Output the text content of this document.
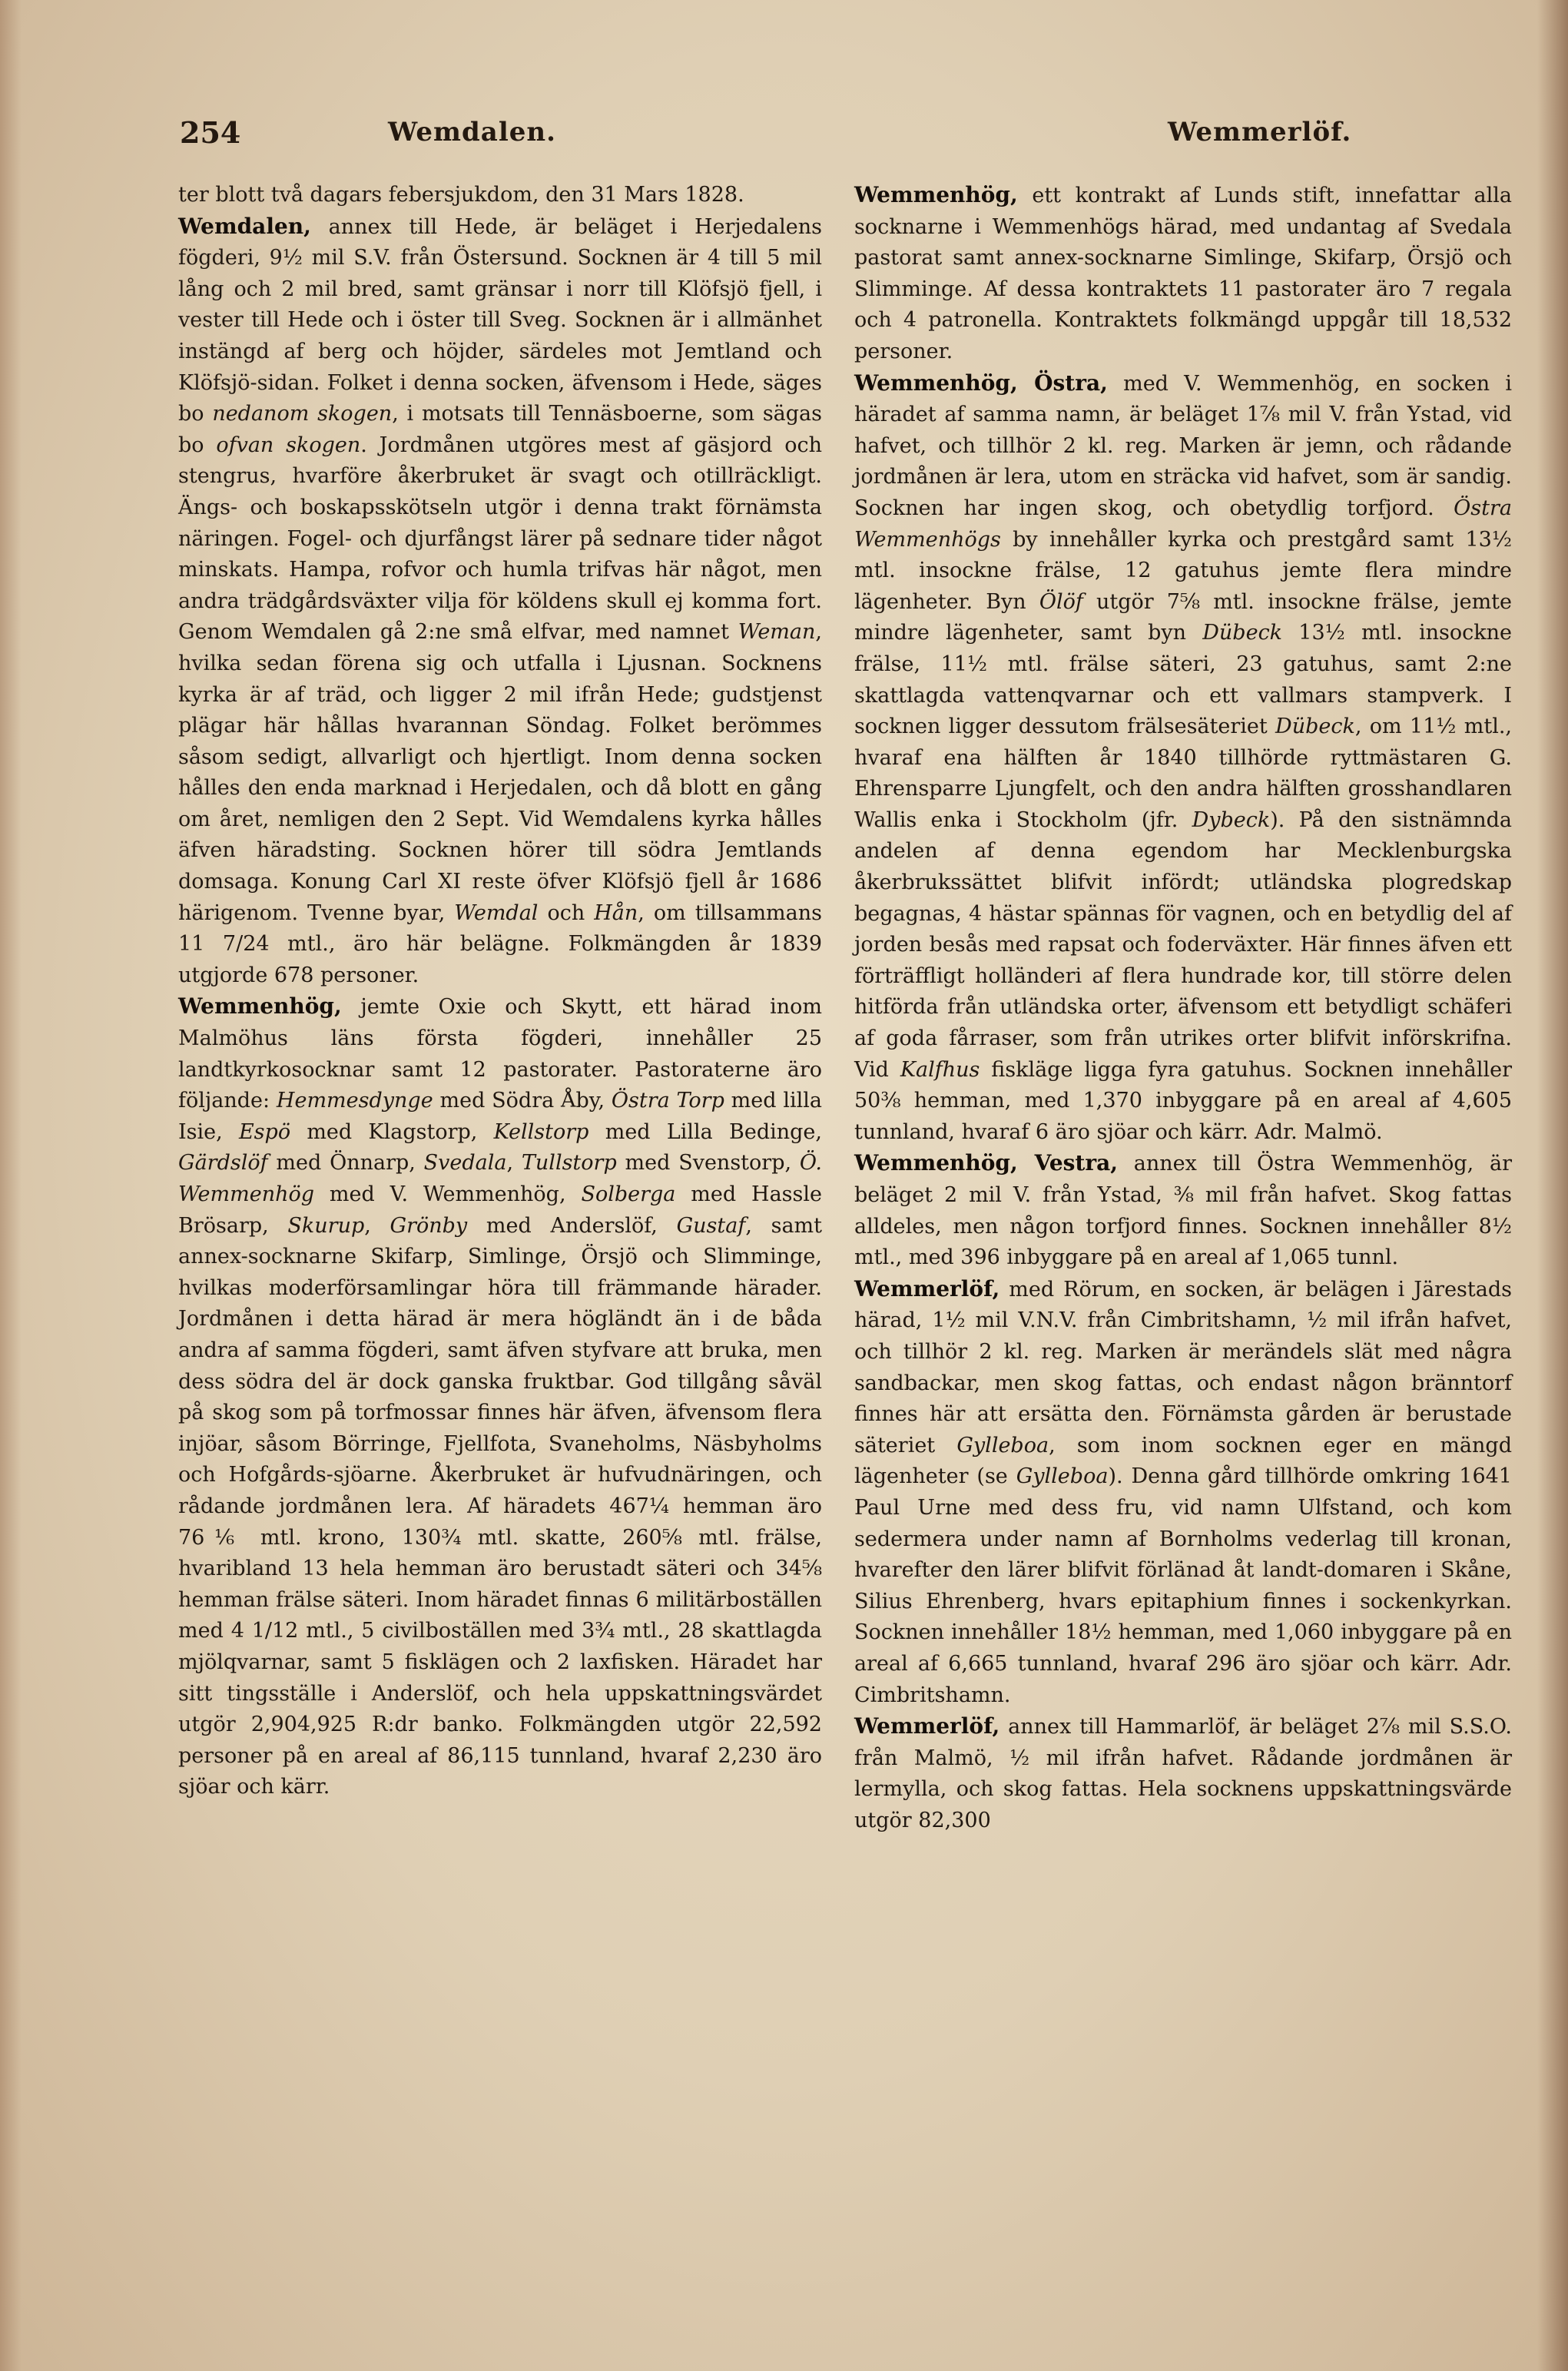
254	Wemdalen.	Wemmerlöf.

ter blott två dagars febersjukdom, den 31 Mars 1828.

Wemdalen, annex till Hede, är beläget i Herjedalens fögderi, 9½ mil S.V. från Östersund. Socknen är 4 till 5 mil lång och 2 mil bred, samt gränsar i norr till Klöfsjö fjell, i vester till Hede och i öster till Sveg. Socknen är i allmänhet instängd af berg och höjder, särdeles mot Jemtland och Klöfsjö-sidan. Folket i denna socken, äfvensom i Hede, säges bo nedanom skogen, i motsats till Tennäsboerne, som sägas bo ofvan skogen. Jordmånen utgöres mest af gäsjord och stengrus, hvarföre åkerbruket är svagt och otillräckligt. Ängs- och boskapsskötseln utgör i denna trakt förnämsta näringen. Fogel- och djurfångst lärer på sednare tider något minskats. Hampa, rofvor och humla trifvas här något, men andra trädgårdsväxter vilja för köldens skull ej komma fort. Genom Wemdalen gå 2:ne små elfvar, med namnet Weman, hvilka sedan förena sig och utfalla i Ljusnan. Socknens kyrka är af träd, och ligger 2 mil ifrån Hede; gudstjenst plägar här hållas hvarannan Söndag. Folket berömmes såsom sedigt, allvarligt och hjertligt. Inom denna socken hålles den enda marknad i Herjedalen, och då blott en gång om året, nemligen den 2 Sept. Vid Wemdalens kyrka hålles äfven häradsting. Socknen hörer till södra Jemtlands domsaga. Konung Carl XI reste öfver Klöfsjö fjell år 1686 härigenom. Tvenne byar, Wemdal och Hån, om tillsammans 11 7/24 mtl., äro här belägne. Folkmängden år 1839 utgjorde 678 personer.

Wemmenhög, jemte Oxie och Skytt, ett härad inom Malmöhus läns första fögderi, innehåller 25 landtkyrkosocknar samt 12 pastorater. Pastoraterne äro följande: Hemmesdynge med Södra Åby, Östra Torp med lilla Isie, Espö med Klagstorp, Kellstorp med Lilla Bedinge, Gärdslöf med Önnarp, Svedala, Tullstorp med Svenstorp, Ö. Wemmenhög med V. Wemmenhög, Solberga med Hassle Brösarp, Skurup, Grönby med Anderslöf, Gustaf, samt annex-socknarne Skifarp, Simlinge, Örsjö och Slimminge, hvilkas moderförsamlingar höra till främmande härader. Jordmånen i detta härad är mera högländt än i de båda andra af samma fögderi, samt äfven styfvare att bruka, men dess södra del är dock ganska fruktbar. God tillgång såväl på skog som på torfmossar finnes här äfven, äfvensom flera injöar, såsom Börringe, Fjellfota, Svaneholms, Näsbyholms och Hofgårds-sjöarne. Åkerbruket är hufvudnäringen, och rådande jordmånen lera. Af häradets 467¼ hemman äro 76⅙ mtl. krono, 130¾ mtl. skatte, 260⅝ mtl. frälse, hvaribland 13 hela hemman äro berustadt säteri och 34⅝ hemman frälse säteri. Inom häradet finnas 6 militärboställen med 4 1/12 mtl., 5 civilboställen med 3¾ mtl., 28 skattlagda mjölqvarnar, samt 5 fisklägen och 2 laxfisken. Häradet har sitt tingsställe i Anderslöf, och hela uppskattningsvärdet utgör 2,904,925 R:dr banko. Folkmängden utgör 22,592 personer på en areal af 86,115 tunnland, hvaraf 2,230 äro sjöar och kärr.

Wemmenhög, ett kontrakt af Lunds stift, innefattar alla socknarne i Wemmenhögs härad, med undantag af Svedala pastorat samt annex-socknarne Simlinge, Skifarp, Örsjö och Slimminge. Af dessa kontraktets 11 pastorater äro 7 regala och 4 patronella. Kontraktets folkmängd uppgår till 18,532 personer.

Wemmenhög, Östra, med V. Wemmenhög, en socken i häradet af samma namn, är beläget 1⅞ mil V. från Ystad, vid hafvet, och tillhör 2 kl. reg. Marken är jemn, och rådande jordmånen är lera, utom en sträcka vid hafvet, som är sandig. Socknen har ingen skog, och obetydlig torfjord. Östra Wemmenhögs by innehåller kyrka och prestgård samt 13½ mtl. insockne frälse, 12 gatuhus jemte flera mindre lägenheter. Byn Ölöf utgör 7⅝ mtl. insockne frälse, jemte mindre lägenheter, samt byn Dübeck 13½ mtl. insockne frälse, 11½ mtl. frälse säteri, 23 gatuhus, samt 2:ne skattlagda vattenqvarnar och ett vallmars stampverk. I socknen ligger dessutom frälsesäteriet Dübeck, om 11½ mtl., hvaraf ena hälften år 1840 tillhörde ryttmästaren G. Ehrensparre Ljungfelt, och den andra hälften grosshandlaren Wallis enka i Stockholm (jfr. Dybeck). På den sistnämnda andelen af denna egendom har Mecklenburgska åkerbrukssättet blifvit infördt; utländska plogredskap begagnas, 4 hästar spännas för vagnen, och en betydlig del af jorden besås med rapsat och foderväxter. Här finnes äfven ett förträffligt holländeri af flera hundrade kor, till större delen hitförda från utländska orter, äfvensom ett betydligt schäferi af goda fårraser, som från utrikes orter blifvit införskrifna. Vid Kalfhus fiskläge ligga fyra gatuhus. Socknen innehåller 50⅜ hemman, med 1,370 inbyggare på en areal af 4,605 tunnland, hvaraf 6 äro sjöar och kärr. Adr. Malmö.

Wemmenhög, Vestra, annex till Östra Wemmenhög, är beläget 2 mil V. från Ystad, ⅜ mil från hafvet. Skog fattas alldeles, men någon torfjord finnes. Socknen innehåller 8½ mtl., med 396 inbyggare på en areal af 1,065 tunnl.

Wemmerlöf, med Rörum, en socken, är belägen i Järestads härad, 1½ mil V.N.V. från Cimbritshamn, ½ mil ifrån hafvet, och tillhör 2 kl. reg. Marken är merändels slät med några sandbackar, men skog fattas, och endast någon bränntorf finnes här att ersätta den. Förnämsta gården är berustade säteriet Gylleboa, som inom socknen eger en mängd lägenheter (se Gylleboa). Denna gård tillhörde omkring 1641 Paul Urne med dess fru, vid namn Ulfstand, och kom sedermera under namn af Bornholms vederlag till kronan, hvarefter den lärer blifvit förlänad åt landt-domaren i Skåne, Silius Ehrenberg, hvars epitaphium finnes i sockenkyrkan. Socknen innehåller 18½ hemman, med 1,060 inbyggare på en areal af 6,665 tunnland, hvaraf 296 äro sjöar och kärr. Adr. Cimbritshamn.

Wemmerlöf, annex till Hammarlöf, är beläget 2⅞ mil S.S.O. från Malmö, ½ mil ifrån hafvet. Rådande jordmånen är lermylla, och skog fattas. Hela socknens uppskattningsvärde utgör 82,300
